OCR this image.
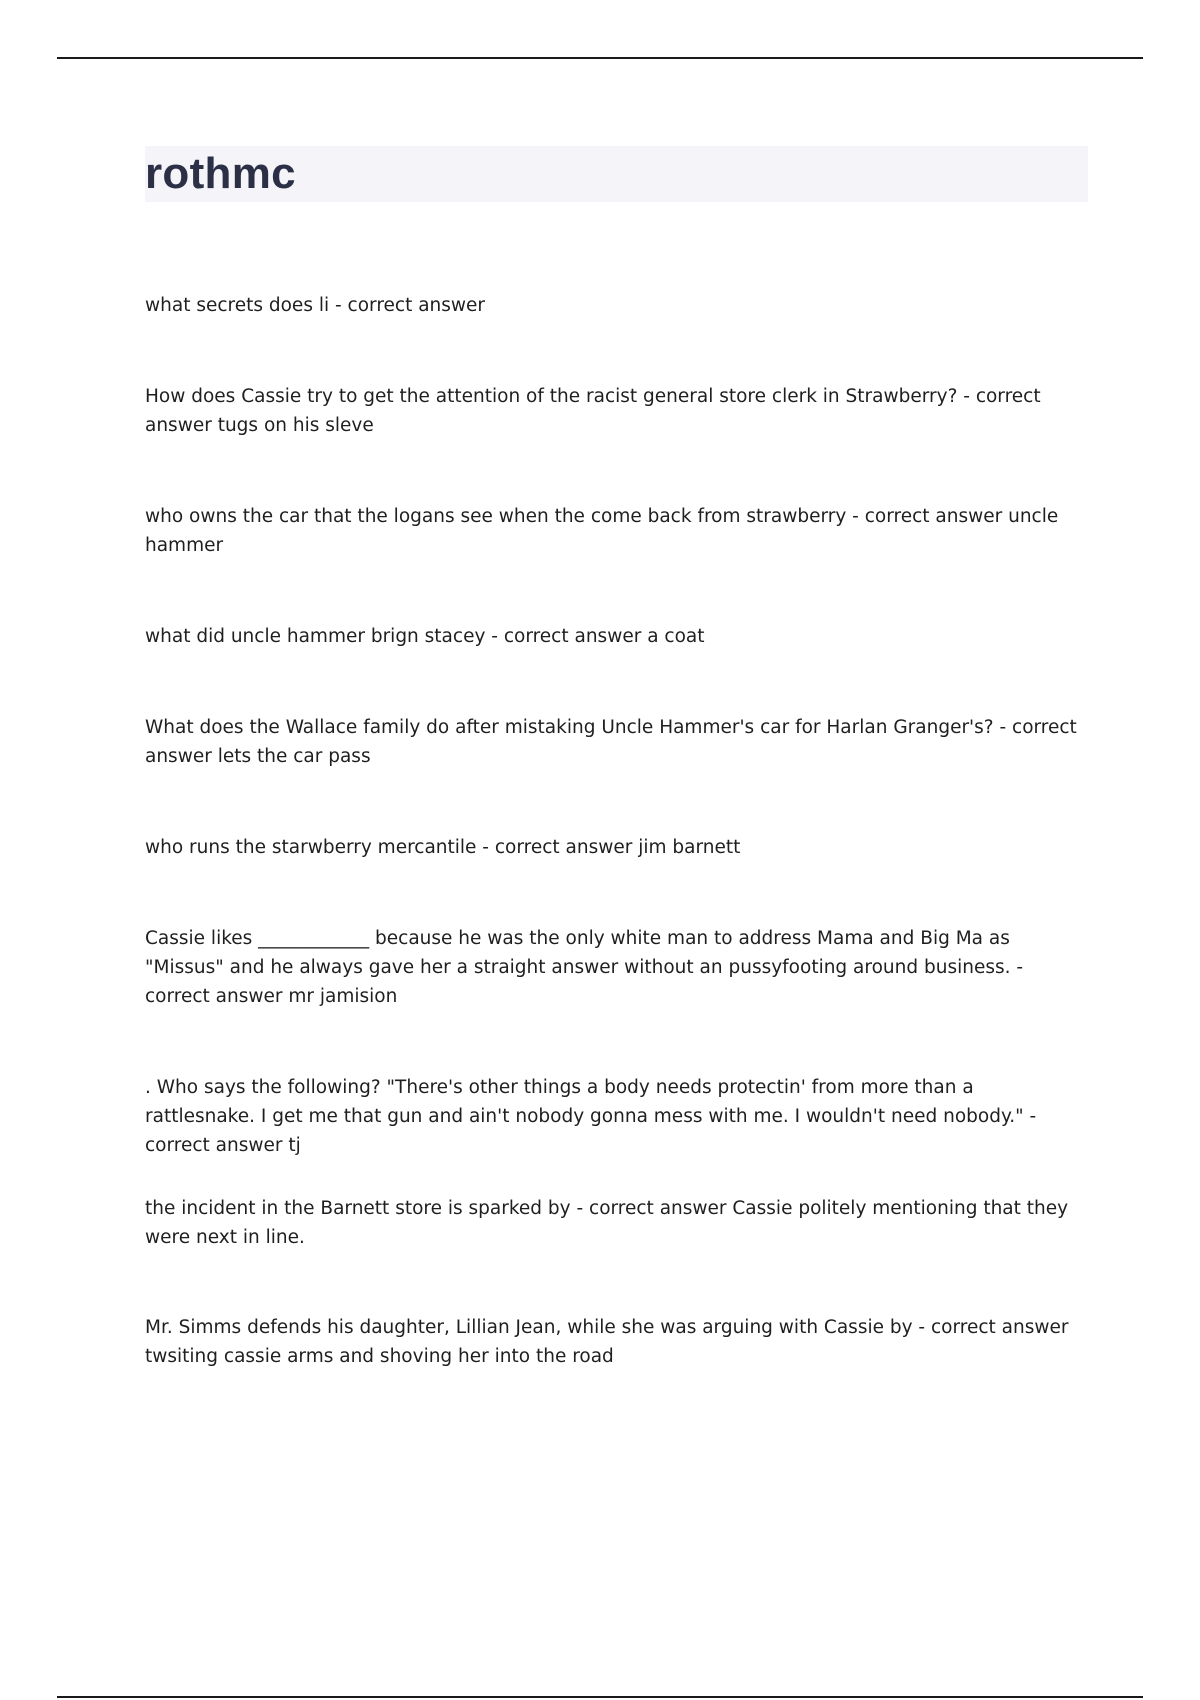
rothmc
what secrets does li - correct answer
How does Cassie try to get the attention of the racist general store clerk in Strawberry? - correct answer tugs on his sleve
who owns the car that the logans see when the come back from strawberry - correct answer uncle hammer
what did uncle hammer brign stacey - correct answer a coat
What does the Wallace family do after mistaking Uncle Hammer's car for Harlan Granger's? - correct answer lets the car pass
who runs the starwberry mercantile - correct answer jim barnett
Cassie likes ____________ because he was the only white man to address Mama and Big Ma as "Missus" and he always gave her a straight answer without an pussyfooting around business. - correct answer mr jamision
. Who says the following? "There's other things a body needs protectin' from more than a rattlesnake. I get me that gun and ain't nobody gonna mess with me. I wouldn't need nobody." - correct answer tj
the incident in the Barnett store is sparked by - correct answer Cassie politely mentioning that they were next in line.
Mr. Simms defends his daughter, Lillian Jean, while she was arguing with Cassie by - correct answer twsiting cassie arms and shoving her into the road
